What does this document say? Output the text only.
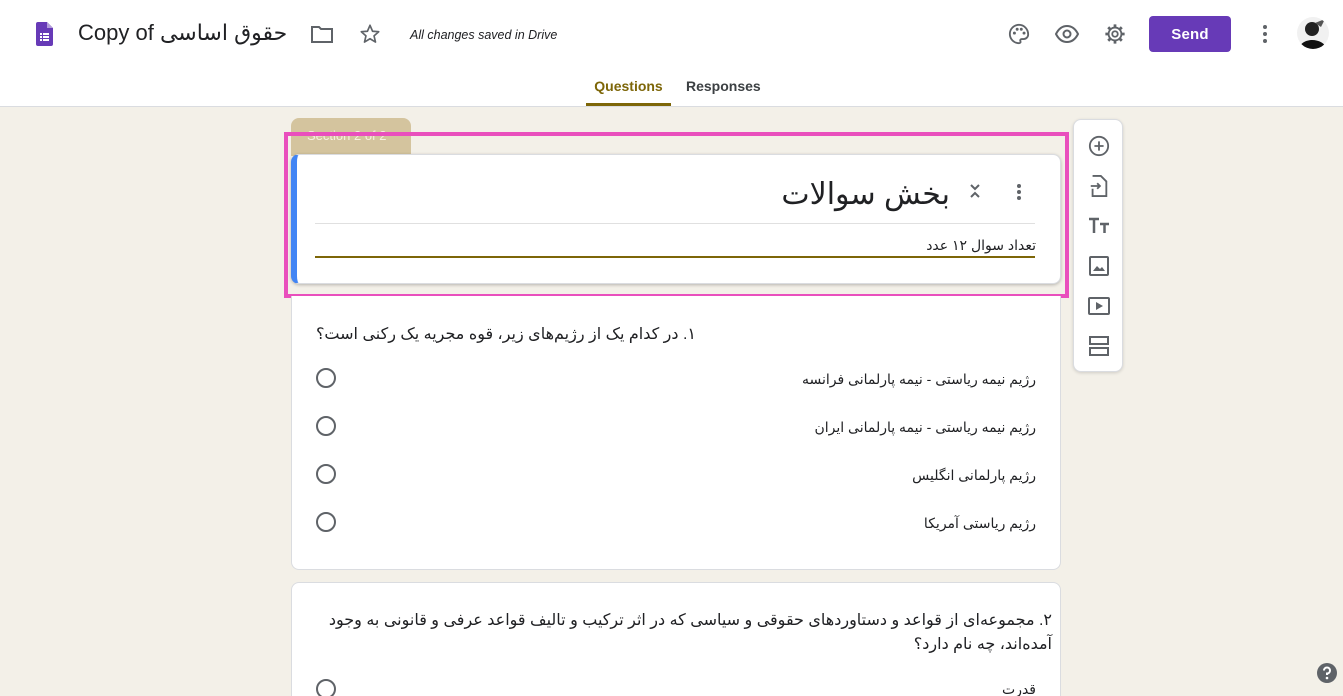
Copy of حقوق اساسی	All changes saved in Drive	Send
Questions	Responses
Section 2 of 2
بخش سوالات
تعداد سوال ۱۲ عدد
۱. در کدام یک از رژیم‌های زیر، قوه مجریه یک رکنی است؟
رژیم نیمه ریاستی - نیمه پارلمانی فرانسه
رژیم نیمه ریاستی - نیمه پارلمانی ایران
رژیم پارلمانی انگلیس
رژیم ریاستی آمریکا
۲. مجموعه‌ای از قواعد و دستاوردهای حقوقی و سیاسی که در اثر ترکیب و تالیف قواعد عرفی و قانونی به وجود آمده‌اند، چه نام دارد؟
قدرت
